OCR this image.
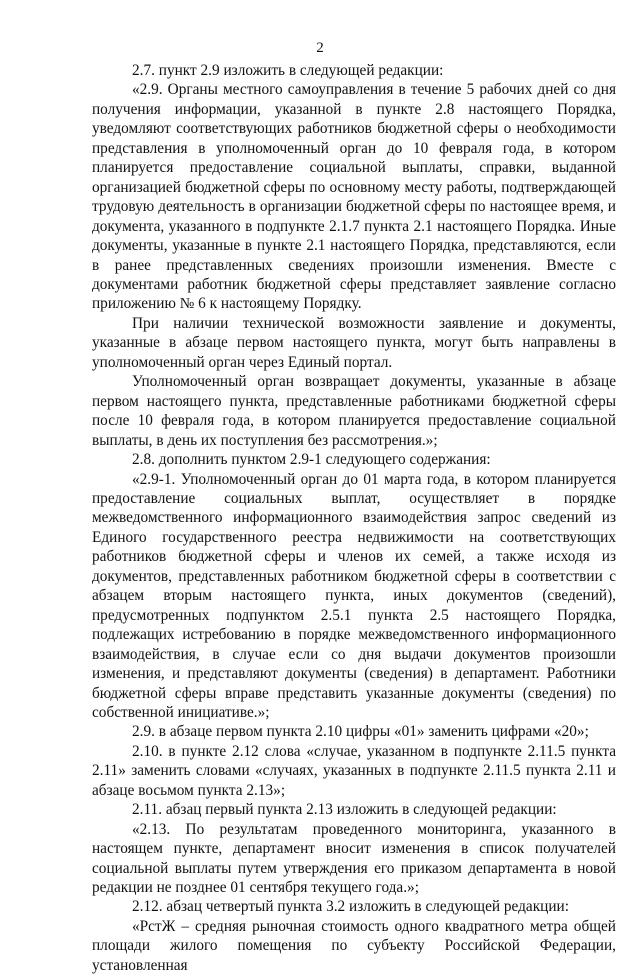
2

2.7. пункт 2.9 изложить в следующей редакции:

«2.9. Органы местного самоуправления в течение 5 рабочих дней со дня получения информации, указанной в пункте 2.8 настоящего Порядка, уведомляют соответствующих работников бюджетной сферы о необходимости представления в уполномоченный орган до 10 февраля года, в котором планируется предоставление социальной выплаты, справки, выданной организацией бюджетной сферы по основному месту работы, подтверждающей трудовую деятельность в организации бюджетной сферы по настоящее время, и документа, указанного в подпункте 2.1.7 пункта 2.1 настоящего Порядка. Иные документы, указанные в пункте 2.1 настоящего Порядка, представляются, если в ранее представленных сведениях произошли изменения. Вместе с документами работник бюджетной сферы представляет заявление согласно приложению № 6 к настоящему Порядку.

При наличии технической возможности заявление и документы, указанные в абзаце первом настоящего пункта, могут быть направлены в уполномоченный орган через Единый портал.

Уполномоченный орган возвращает документы, указанные в абзаце первом настоящего пункта, представленные работниками бюджетной сферы после 10 февраля года, в котором планируется предоставление социальной выплаты, в день их поступления без рассмотрения.»;

2.8. дополнить пунктом 2.9-1 следующего содержания:

«2.9-1. Уполномоченный орган до 01 марта года, в котором планируется предоставление социальных выплат, осуществляет в порядке межведомственного информационного взаимодействия запрос сведений из Единого государственного реестра недвижимости на соответствующих работников бюджетной сферы и членов их семей, а также исходя из документов, представленных работником бюджетной сферы в соответствии с абзацем вторым настоящего пункта, иных документов (сведений), предусмотренных подпунктом 2.5.1 пункта 2.5 настоящего Порядка, подлежащих истребованию в порядке межведомственного информационного взаимодействия, в случае если со дня выдачи документов произошли изменения, и представляют документы (сведения) в департамент. Работники бюджетной сферы вправе представить указанные документы (сведения) по собственной инициативе.»;

2.9. в абзаце первом пункта 2.10 цифры «01» заменить цифрами «20»;

2.10. в пункте 2.12 слова «случае, указанном в подпункте 2.11.5 пункта 2.11» заменить словами «случаях, указанных в подпункте 2.11.5 пункта 2.11 и абзаце восьмом пункта 2.13»;

2.11. абзац первый пункта 2.13 изложить в следующей редакции:

«2.13. По результатам проведенного мониторинга, указанного в настоящем пункте, департамент вносит изменения в список получателей социальной выплаты путем утверждения его приказом департамента в новой редакции не позднее 01 сентября текущего года.»;

2.12. абзац четвертый пункта 3.2 изложить в следующей редакции:

«РстЖ – средняя рыночная стоимость одного квадратного метра общей площади жилого помещения по субъекту Российской Федерации, установленная
